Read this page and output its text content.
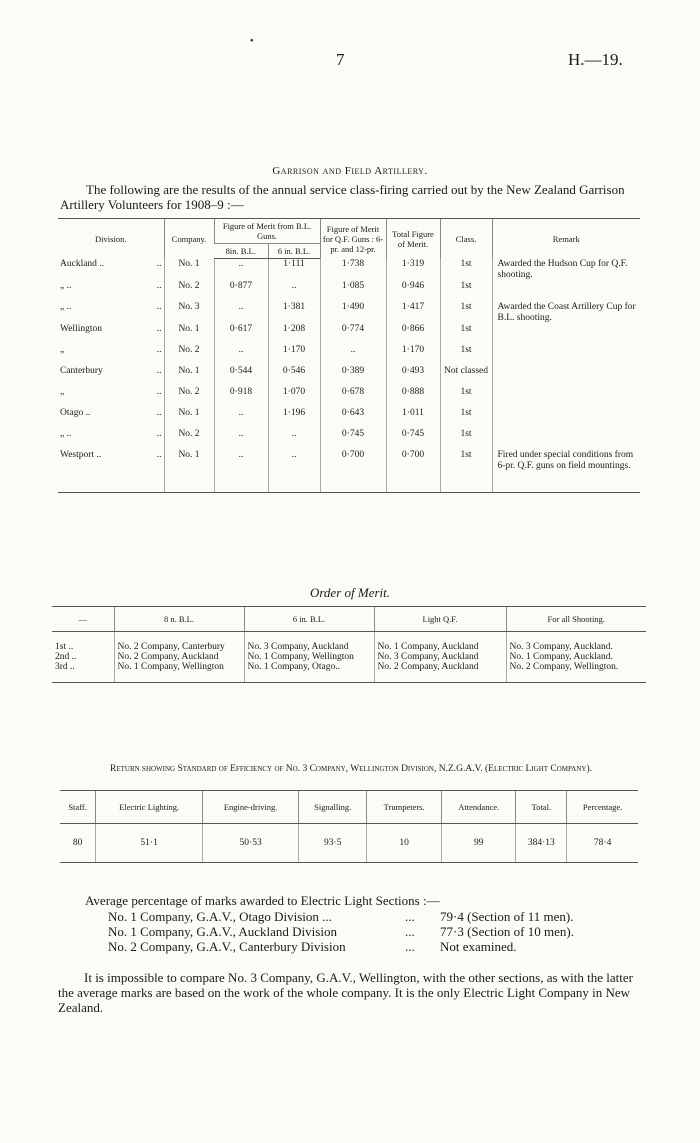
•
7	H.—19.
Garrison and Field Artillery.
The following are the results of the annual service class-firing carried out by the New Zealand Garrison Artillery Volunteers for 1908–9 :—
Division.	Company.	Figure of Merit from B.L. Guns.		Figure of Merit for Q.F. Guns : 6-pr. and 12-pr.	Total Figure of Merit.	Class.	Remark
		8in. B.L.	6 in. B.L.				

..
Auckland ..	No. 1	..	1·111	1·738	1·319	1st	Awarded the Hudson Cup for Q.F. shooting.

..
„ ..	No. 2	0·877	..	1·085	0·946	1st	

..
„ ..	No. 3	..	1·381	1·490	1·417	1st	Awarded the Coast Artillery Cup for B.L. shooting.

..
Wellington	No. 1	0·617	1·208	0·774	0·866	1st	

..
„	No. 2	..	1·170	..	1·170	1st	

..
Canterbury	No. 1	0·544	0·546	0·389	0·493	Not classed	

..
„	No. 2	0·918	1·070	0·678	0·888	1st	

..
Otago ..	No. 1	..	1·196	0·643	1·011	1st	

..
„ ..	No. 2	..	..	0·745	0·745	1st	

..
Westport ..	No. 1	..	..	0·700	0·700	1st	Fired under special conditions from 6-pr. Q.F. guns on field mountings.
Order of Merit.
—	8 n. B.L.	6 in. B.L.	Light Q.F.	For all Shooting.
1st ..	No. 2 Company, Canterbury	No. 3 Company, Auckland	No. 1 Company, Auckland	No. 3 Company, Auckland.
2nd ..	No. 2 Company, Auckland	No. 1 Company, Wellington	No. 3 Company, Auckland	No. 1 Company, Auckland.
3rd ..	No. 1 Company, Wellington	No. 1 Company, Otago..	No. 2 Company, Auckland	No. 2 Company, Wellington.
Return showing Standard of Efficiency of No. 3 Company, Wellington Division, N.Z.G.A.V. (Electric Light Company).
Staff.	Electric Lighting.	Engine-driving.	Signalling.	Trumpeters.	Attendance.	Total.	Percentage.
80	51·1	50·53	93·5	10	99	384·13	78·4
Average percentage of marks awarded to Electric Light Sections :—
No. 1 Company, G.A.V., Otago Division ...	...	79·4 (Section of 11 men).
No. 1 Company, G.A.V., Auckland Division	...	77·3 (Section of 10 men).
No. 2 Company, G.A.V., Canterbury Division	...	Not examined.
It is impossible to compare No. 3 Company, G.A.V., Wellington, with the other sections, as with the latter the average marks are based on the work of the whole company. It is the only Electric Light Company in New Zealand.
